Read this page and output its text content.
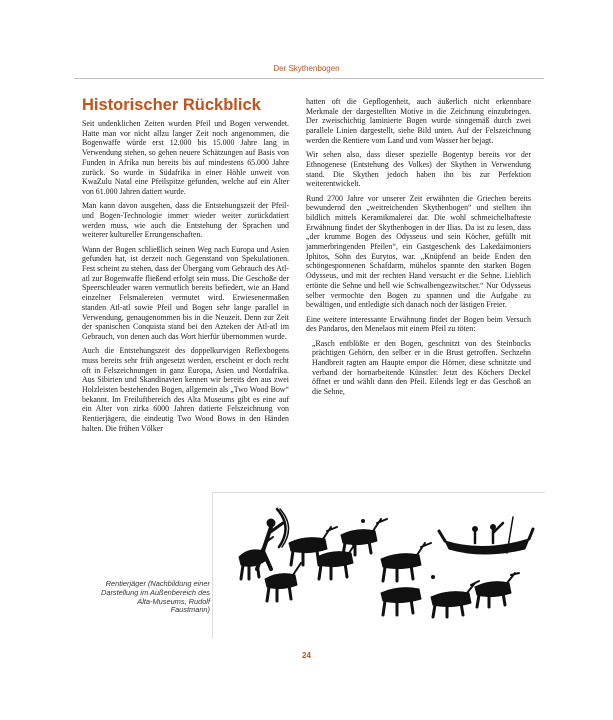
Der Skythenbogen
Historischer Rückblick

Seit undenklichen Zeiten wurden Pfeil und Bogen verwendet. Hatte man vor nicht allzu langer Zeit noch angenommen, die Bogenwaffe würde erst 12.000 bis 15.000 Jahre lang in Verwendung stehen, so gehen neuere Schätzungen auf Basis von Funden in Afrika nun bereits bis auf mindestens 65.000 Jahre zurück. So wurde in Südafrika in einer Höhle unweit von KwaZulu Natal eine Pfeilspitze gefunden, welche auf ein Alter von 61.000 Jahren datiert wurde.

Man kann davon ausgehen, dass die Entstehungszeit der Pfeil- und Bogen-Technologie immer wieder weiter zurückdatiert werden muss, wie auch die Entstehung der Sprachen und weiterer kultureller Errungenschaften.

Wann der Bogen schließlich seinen Weg nach Europa und Asien gefunden hat, ist derzeit noch Gegenstand von Spekulationen. Fest scheint zu stehen, dass der Übergang vom Gebrauch des Atl-atl zur Bogenwaffe fließend erfolgt sein muss. Die Geschoße der Speerschleuder waren vermutlich bereits befiedert, wie an Hand einzelner Felsmalereien vermutet wird. Erwiesenermaßen standen Atl-atl sowie Pfeil und Bogen sehr lange parallel in Verwendung, genaugenommen bis in die Neuzeit. Denn zur Zeit der spanischen Conquista stand bei den Azteken der Atl-atl im Gebrauch, von denen auch das Wort hierfür übernommen wurde.

Auch die Entstehungszeit des doppelkurvigen Reflexbogens muss bereits sehr früh angesetzt werden, erscheint er doch recht oft in Felszeichnungen in ganz Europa, Asien und Nordafrika. Aus Sibirien und Skandinavien kennen wir bereits den aus zwei Holzleisten bestehenden Bogen, allgemein als „Two Wood Bow“ bekannt. Im Freiluftbereich des Alta Museums gibt es eine auf ein Alter von zirka 6000 Jahren datierte Felszeichnung von Rentierjägern, die eindeutig Two Wood Bows in den Händen halten. Die frühen Völker

hatten oft die Gepflogenheit, auch äußerlich nicht erkennbare Merkmale der dargestellten Motive in die Zeichnung einzubringen. Der zweischichtig laminierte Bogen wurde sinngemäß durch zwei parallele Linien dargestellt, siehe Bild unten. Auf der Felszeichnung werden die Rentiere vom Land und vom Wasser her bejagt.

Wir sehen also, dass dieser spezielle Bogentyp bereits vor der Ethnogenese (Entstehung des Volkes) der Skythen in Verwendung stand. Die Skythen jedoch haben ihn bis zur Perfektion weiterentwickelt.

Rund 2700 Jahre vor unserer Zeit erwähnten die Griechen bereits bewundernd den „weitreichenden Skythenbogen“ und stellten ihn bildlich mittels Keramikmalerei dar. Die wohl schmeichelhafteste Erwähnung findet der Skythenbogen in der Ilias. Da ist zu lesen, dass „der krumme Bogen des Odysseus und sein Köcher, gefüllt mit jammerbringenden Pfeilen“, ein Gastgeschenk des Lakedaimoniers Iphitos, Sohn des Eurytos, war. „Knüpfend an beide Enden den schöngesponnenen Schafdarm, mühelos spannte den starken Bogen Odysseus, und mit der rechten Hand versucht er die Sehne. Lieblich ertönte die Sehne und hell wie Schwalbengezwitscher.“ Nur Odysseus selber vermochte den Bogen zu spannen und die Aufgabe zu bewältigen, und entledigte sich danach noch der lästigen Freier.

Eine weitere interessante Erwähnung findet der Bogen beim Versuch des Pandaros, den Menelaos mit einem Pfeil zu töten:

„Rasch entblößte er den Bogen, geschnitzt von des Steinbocks prächtigen Gehörn, den selber er in die Brust getroffen. Sechzehn Handbreit ragten am Haupte empor die Hörner, diese schnitzte und verband der hornarbeitende Künstler. Jetzt des Köchers Deckel öffnet er und wählt dann den Pfeil. Eilends legt er das Geschoß an die Sehne,

Rentierjäger (Nachbildung einer Darstellung im Außenbereich des Alta-Museums, Rudolf Faustmann)
24
